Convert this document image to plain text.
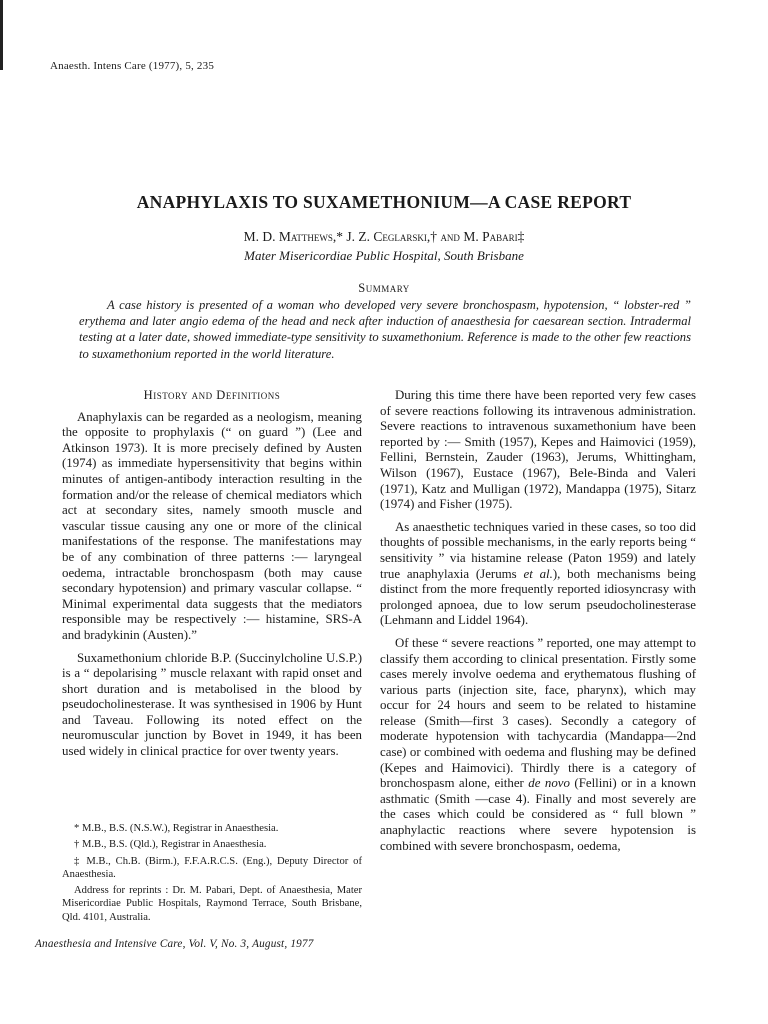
Anaesth. Intens Care (1977), 5, 235
ANAPHYLAXIS TO SUXAMETHONIUM—A CASE REPORT
M. D. Matthews,* J. Z. Ceglarski,† and M. Pabari‡
Mater Misericordiae Public Hospital, South Brisbane
Summary

A case history is presented of a woman who developed very severe bronchospasm, hypotension, “ lobster-red ” erythema and later angio edema of the head and neck after induction of anaesthesia for caesarean section. Intradermal testing at a later date, showed immediate-type sensitivity to suxamethonium. Reference is made to the other few reactions to suxamethonium reported in the world literature.

History and Definitions

Anaphylaxis can be regarded as a neologism, meaning the opposite to prophylaxis (“ on guard ”) (Lee and Atkinson 1973). It is more precisely defined by Austen (1974) as immediate hypersensitivity that begins within minutes of antigen-antibody interaction resulting in the formation and/or the release of chemical mediators which act at secondary sites, namely smooth muscle and vascular tissue causing any one or more of the clinical manifestations of the response. The manifestations may be of any combination of three patterns :— laryngeal oedema, intractable bronchospasm (both may cause secondary hypotension) and primary vascular collapse. “ Minimal experimental data suggests that the mediators responsible may be respectively :— histamine, SRS-A and bradykinin (Austen).”

Suxamethonium chloride B.P. (Succinylcholine U.S.P.) is a “ depolarising ” muscle relaxant with rapid onset and short duration and is metabolised in the blood by pseudocholinesterase. It was synthesised in 1906 by Hunt and Taveau. Following its noted effect on the neuromuscular junction by Bovet in 1949, it has been used widely in clinical practice for over twenty years.

* M.B., B.S. (N.S.W.), Registrar in Anaesthesia.

† M.B., B.S. (Qld.), Registrar in Anaesthesia.

‡ M.B., Ch.B. (Birm.), F.F.A.R.C.S. (Eng.), Deputy Director of Anaesthesia.

Address for reprints : Dr. M. Pabari, Dept. of Anaesthesia, Mater Misericordiae Public Hospitals, Raymond Terrace, South Brisbane, Qld. 4101, Australia.

During this time there have been reported very few cases of severe reactions following its intravenous administration. Severe reactions to intravenous suxamethonium have been reported by :— Smith (1957), Kepes and Haimovici (1959), Fellini, Bernstein, Zauder (1963), Jerums, Whittingham, Wilson (1967), Eustace (1967), Bele-Binda and Valeri (1971), Katz and Mulligan (1972), Mandappa (1975), Sitarz (1974) and Fisher (1975).

As anaesthetic techniques varied in these cases, so too did thoughts of possible mechanisms, in the early reports being “ sensitivity ” via histamine release (Paton 1959) and lately true anaphylaxia (Jerums et al.), both mechanisms being distinct from the more frequently reported idiosyncrasy with prolonged apnoea, due to low serum pseudocholinesterase (Lehmann and Liddel 1964).

Of these “ severe reactions ” reported, one may attempt to classify them according to clinical presentation. Firstly some cases merely involve oedema and erythematous flushing of various parts (injection site, face, pharynx), which may occur for 24 hours and seem to be related to histamine release (Smith—first 3 cases). Secondly a category of moderate hypotension with tachycardia (Mandappa—2nd case) or combined with oedema and flushing may be defined (Kepes and Haimovici). Thirdly there is a category of bronchospasm alone, either de novo (Fellini) or in a known asthmatic (Smith —case 4). Finally and most severely are the cases which could be considered as “ full blown ” anaphylactic reactions where severe hypotension is combined with severe bronchospasm, oedema,

Anaesthesia and Intensive Care, Vol. V, No. 3, August, 1977
